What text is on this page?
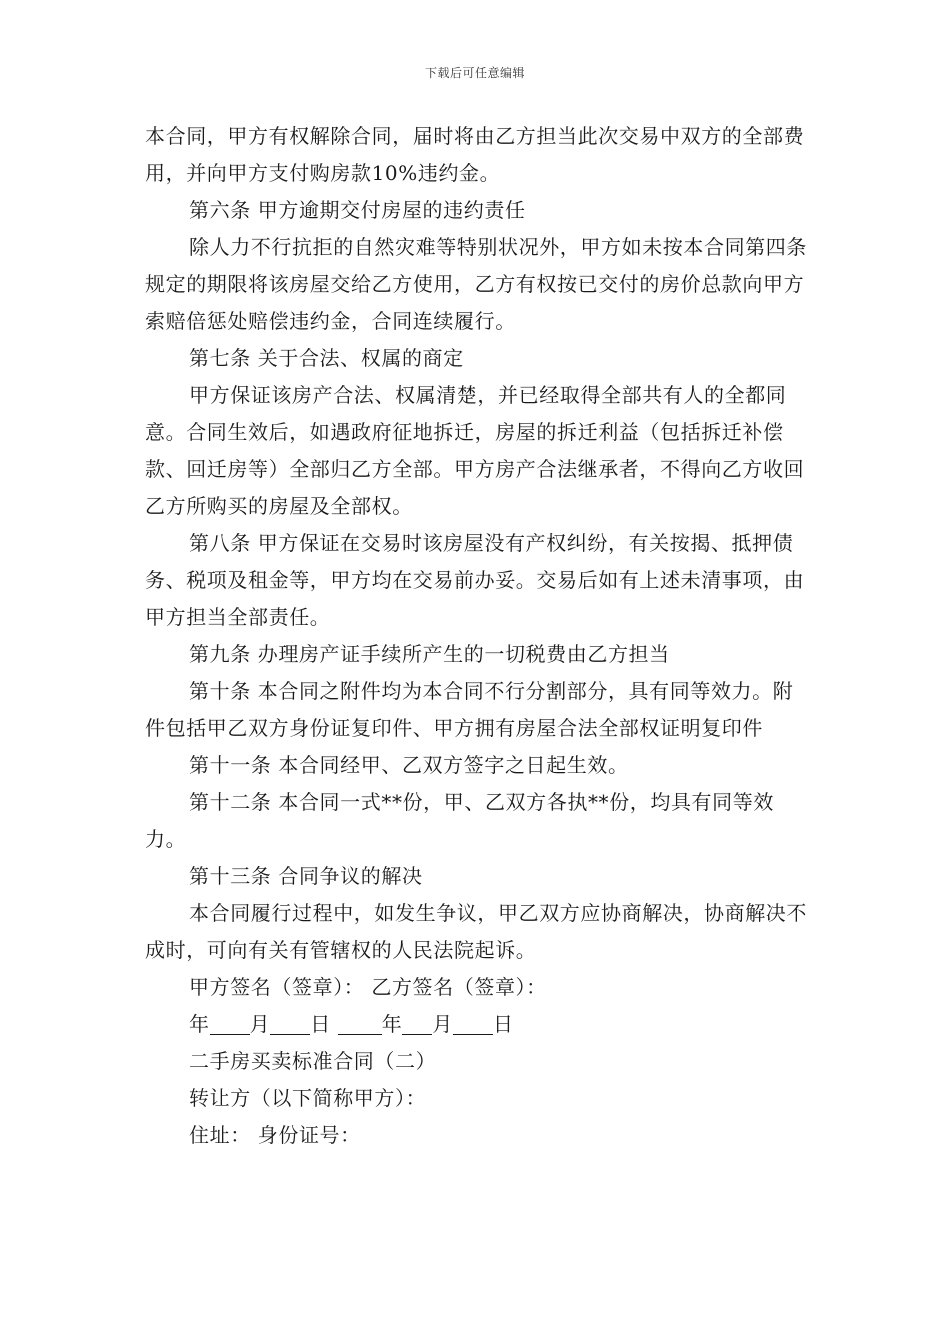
下载后可任意编辑

本合同，甲方有权解除合同，届时将由乙方担当此次交易中双方的全部费用，并向甲方支付购房款10%违约金。

第六条 甲方逾期交付房屋的违约责任

除人力不行抗拒的自然灾难等特别状况外，甲方如未按本合同第四条规定的期限将该房屋交给乙方使用，乙方有权按已交付的房价总款向甲方索赔倍惩处赔偿违约金，合同连续履行。

第七条 关于合法、权属的商定

甲方保证该房产合法、权属清楚，并已经取得全部共有人的全都同意。合同生效后，如遇政府征地拆迁，房屋的拆迁利益（包括拆迁补偿款、回迁房等）全部归乙方全部。甲方房产合法继承者，不得向乙方收回乙方所购买的房屋及全部权。

第八条 甲方保证在交易时该房屋没有产权纠纷，有关按揭、抵押债务、税项及租金等，甲方均在交易前办妥。交易后如有上述未清事项，由甲方担当全部责任。

第九条 办理房产证手续所产生的一切税费由乙方担当

第十条 本合同之附件均为本合同不行分割部分，具有同等效力。附件包括甲乙双方身份证复印件、甲方拥有房屋合法全部权证明复印件

第十一条 本合同经甲、乙双方签字之日起生效。

第十二条 本合同一式**份，甲、乙双方各执**份，均具有同等效力。

第十三条 合同争议的解决

本合同履行过程中，如发生争议，甲乙双方应协商解决，协商解决不成时，可向有关有管辖权的人民法院起诉。

甲方签名（签章）： 乙方签名（签章）：

年 月 日	年 月 日

二手房买卖标准合同（二）

转让方（以下简称甲方）：

住址： 身份证号：
